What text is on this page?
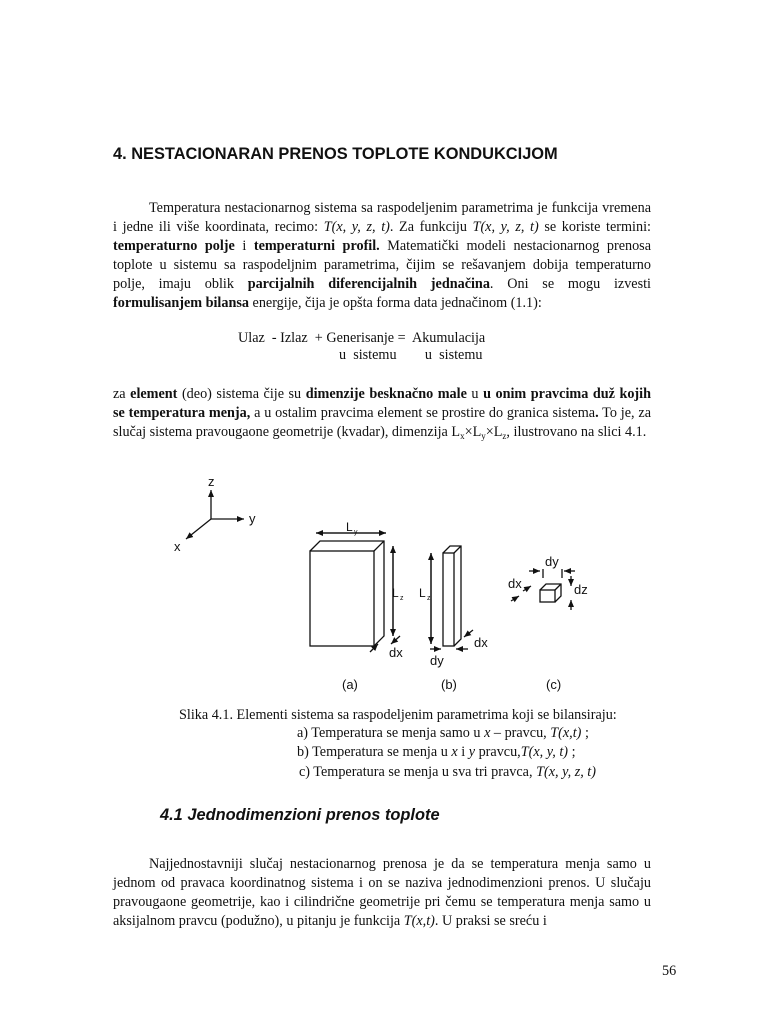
4. NESTACIONARAN PRENOS TOPLOTE KONDUKCIJOM

Temperatura nestacionarnog sistema sa raspodeljenim parametrima je funkcija vremena i jedne ili više koordinata, recimo: T(x, y, z, t). Za funkciju T(x, y, z, t) se koriste termini: temperaturno polje i temperaturni profil. Matematički modeli nestacionarnog prenosa toplote u sistemu sa raspodeljnim parametrima, čijim se rešavanjem dobija temperaturno polje, imaju oblik parcijalnih diferencijalnih jednačina. Oni se mogu izvesti formulisanjem bilansa energije, čija je opšta forma data jednačinom (1.1):

Ulaz  - Izlaz  + Generisanje =  Akumulacija
u  sistemu        u  sistemu

za element (deo) sistema čije su dimenzije besknačno male u u onim pravcima duž kojih se temperatura menja, a u ostalim pravcima element se prostire do granica sistema. To je, za slučaj sistema pravougaone geometrije (kvadar), dimenzija $L_x\times L_y\times L_z$, ilustrovano na slici 4.1.

z
y
x
L y
L z
dx
L z
dx
dy
dy
dx	dz
(a)	(b)	(c)
Slika 4.1. Elementi sistema sa raspodeljenim parametrima koji se bilansiraju:
a) Temperatura se menja samo u x – pravcu, T(x,t) ;
b) Temperatura se menja u x i y pravcu,T(x, y, t) ;
c) Temperatura se menja u sva tri pravca, T(x, y, z, t)
4.1 Jednodimenzioni prenos toplote

Najjednostavniji slučaj nestacionarnog prenosa je da se temperatura menja samo u jednom od pravaca koordinatnog sistema i on se naziva jednodimenzioni prenos. U slučaju pravougaone geometrije, kao i cilindrične geometrije pri čemu se temperatura menja samo u aksijalnom pravcu (podužno), u pitanju je funkcija T(x,t). U praksi se sreću i

56
